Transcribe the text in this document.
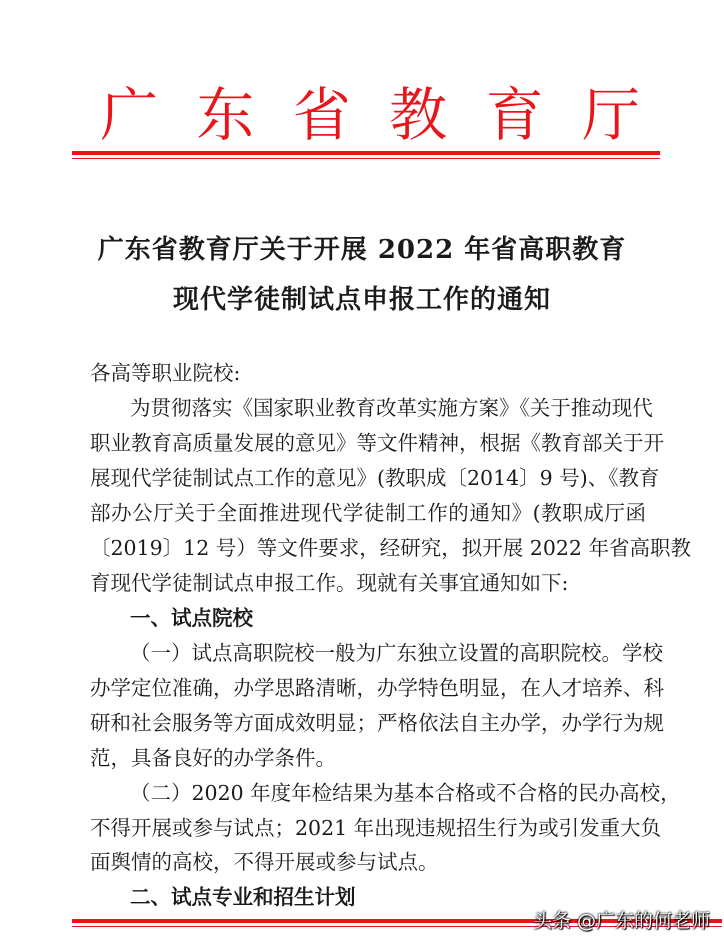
广 东 省 教 育 厅
广东省教育厅关于开展 2022 年省高职教育
现代学徒制试点申报工作的通知
各高等职业院校:
为贯彻落实《国家职业教育改革实施方案》《关于推动现代
职业教育高质量发展的意见》等文件精神，根据《教育部关于开
展现代学徒制试点工作的意见》(教职成〔2014〕9 号)、《教育
部办公厅关于全面推进现代学徒制工作的通知》(教职成厅函
〔2019〕12 号）等文件要求，经研究，拟开展 2022 年省高职教
育现代学徒制试点申报工作。现就有关事宜通知如下:
一、试点院校
（一）试点高职院校一般为广东独立设置的高职院校。学校
办学定位准确，办学思路清晰，办学特色明显，在人才培养、科
研和社会服务等方面成效明显；严格依法自主办学，办学行为规
范，具备良好的办学条件。
（二）2020 年度年检结果为基本合格或不合格的民办高校，
不得开展或参与试点；2021 年出现违规招生行为或引发重大负
面舆情的高校，不得开展或参与试点。
二、试点专业和招生计划
头条 @广东的何老师
